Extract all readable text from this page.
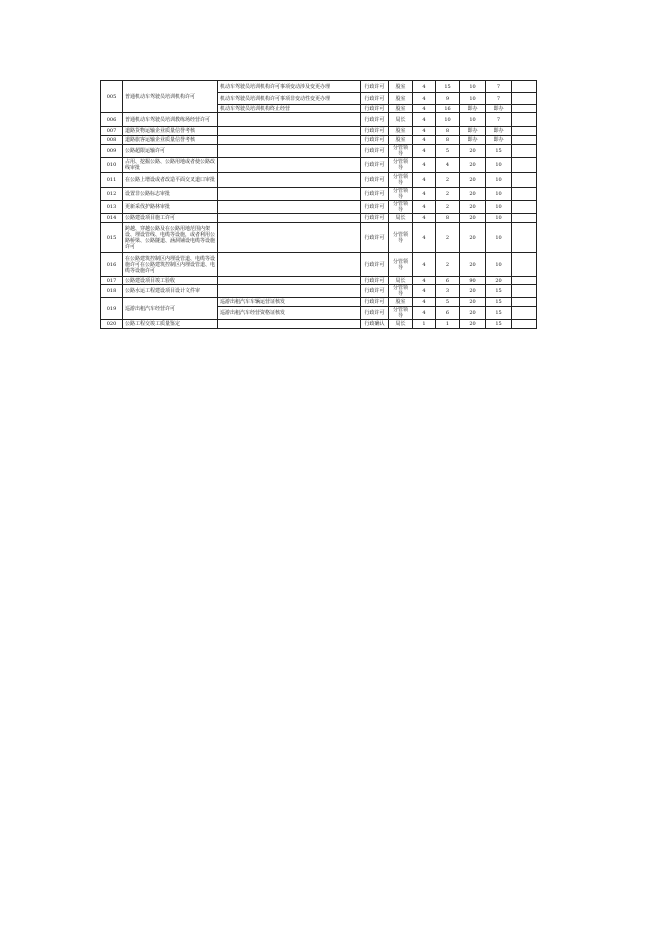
005	普通机动车驾驶员培训机构许可	机动车驾驶员培训机构许可事项变动涉及变更办理	行政许可	股室	4	15	10	7	
		机动车驾驶员培训机构许可事项非变动性变更办理	行政许可	股室	4	9	10	7	
		机动车驾驶员培训机构终止经营	行政许可	股室	4	16	即办	即办	
006	普通机动车驾驶员培训教练场经营许可		行政许可	局长	4	10	10	7	
007	道路货物运输企业质量信誉考核		行政许可	股室	4	8	即办	即办	
008	道路旅客运输企业质量信誉考核		行政许可	股室	4	8	即办	即办	
009	公路超限运输许可		行政许可	分管领导	4	5	20	15	
010	占用、挖掘公路、公路用地或者使公路改线审批		行政许可	分管领导	4	4	20	10	
011	在公路上增设或者改造平面交叉道口审批		行政许可	分管领导	4	2	20	10	
012	设置非公路标志审批		行政许可	分管领导	4	2	20	10	
013	更新采伐护路林审批		行政许可	分管领导	4	2	20	10	
014	公路建设项目施工许可		行政许可	局长	4	8	20	10	
015	跨越、穿越公路及在公路用地范围内架设、埋设管线、电缆等设施，或者利用公路桥梁、公路隧道、涵洞铺设电缆等设施许可		行政许可	分管领导	4	2	20	10	
016	在公路建筑控制区内埋设管道、电缆等设施许可在公路建筑控制区内埋设管道、电缆等设施许可		行政许可	分管领导	4	2	20	10	
017	公路建设项目竣工验收		行政许可	局长	4	6	90	20	
018	公路水运工程建设项目设计文件审		行政许可	分管领导	4	3	20	15	
019	巡游出租汽车经营许可	巡游出租汽车车辆运营证核发	行政许可	股室	4	5	20	15	
		巡游出租汽车经营资格证核发	行政许可	分管领导	4	6	20	15	
020	公路工程交竣工质量鉴定		行政确认	局长	1	1	20	15	
